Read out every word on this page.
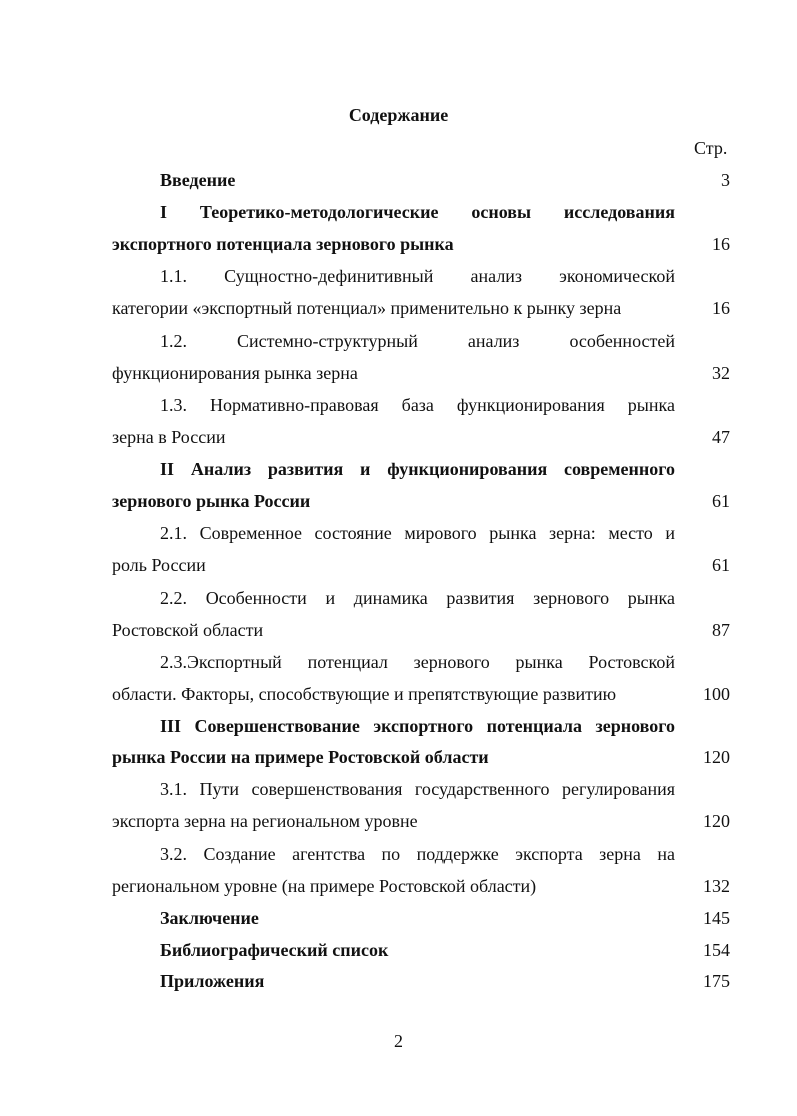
Содержание
Стр.
Введение	3
I Теоретико-методологические основы исследования
экспортного потенциала зернового рынка	16
1.1. Сущностно-дефинитивный анализ экономической
категории «экспортный потенциал» применительно к рынку зерна	16
1.2. Системно-структурный анализ особенностей
функционирования рынка зерна	32
1.3. Нормативно-правовая база функционирования рынка
зерна в России	47
II Анализ развития и функционирования современного
зернового рынка России	61
2.1. Современное состояние мирового рынка зерна: место и
роль России	61
2.2. Особенности и динамика развития зернового рынка
Ростовской области	87
2.3.Экспортный потенциал зернового рынка Ростовской
области. Факторы, способствующие и препятствующие развитию	100
III Совершенствование экспортного потенциала зернового
рынка России на примере Ростовской области	120
3.1. Пути совершенствования государственного регулирования
экспорта зерна на региональном уровне	120
3.2. Создание агентства по поддержке экспорта зерна на
региональном уровне (на примере Ростовской области)	132
Заключение	145
Библиографический список	154
Приложения	175
2
